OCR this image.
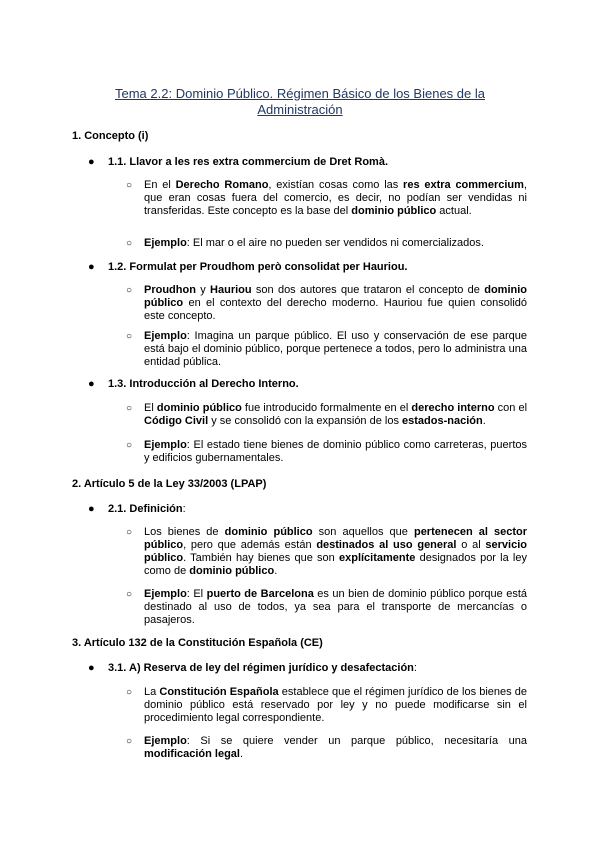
Tema 2.2: Dominio Público. Régimen Básico de los Bienes de la
Administración
1. Concepto (i)
● 1.1. Llavor a les res extra commercium de Dret Romà.
○ En el Derecho Romano, existían cosas como las res extra commercium, que eran cosas fuera del comercio, es decir, no podían ser vendidas ni transferidas. Este concepto es la base del dominio público actual.
○ Ejemplo: El mar o el aire no pueden ser vendidos ni comercializados.
● 1.2. Formulat per Proudhom però consolidat per Hauriou.
○ Proudhon y Hauriou son dos autores que trataron el concepto de dominio público en el contexto del derecho moderno. Hauriou fue quien consolidó este concepto.
○ Ejemplo: Imagina un parque público. El uso y conservación de ese parque está bajo el dominio público, porque pertenece a todos, pero lo administra una entidad pública.
● 1.3. Introducción al Derecho Interno.
○ El dominio público fue introducido formalmente en el derecho interno con el Código Civil y se consolidó con la expansión de los estados-nación.
○ Ejemplo: El estado tiene bienes de dominio público como carreteras, puertos y edificios gubernamentales.
2. Artículo 5 de la Ley 33/2003 (LPAP)
● 2.1. Definición:
○ Los bienes de dominio público son aquellos que pertenecen al sector público, pero que además están destinados al uso general o al servicio público. También hay bienes que son explícitamente designados por la ley como de dominio público.
○ Ejemplo: El puerto de Barcelona es un bien de dominio público porque está destinado al uso de todos, ya sea para el transporte de mercancías o pasajeros.
3. Artículo 132 de la Constitución Española (CE)
● 3.1. A) Reserva de ley del régimen jurídico y desafectación:
○ La Constitución Española establece que el régimen jurídico de los bienes de dominio público está reservado por ley y no puede modificarse sin el procedimiento legal correspondiente.
○ Ejemplo: Si se quiere vender un parque público, necesitaría una modificación legal.
